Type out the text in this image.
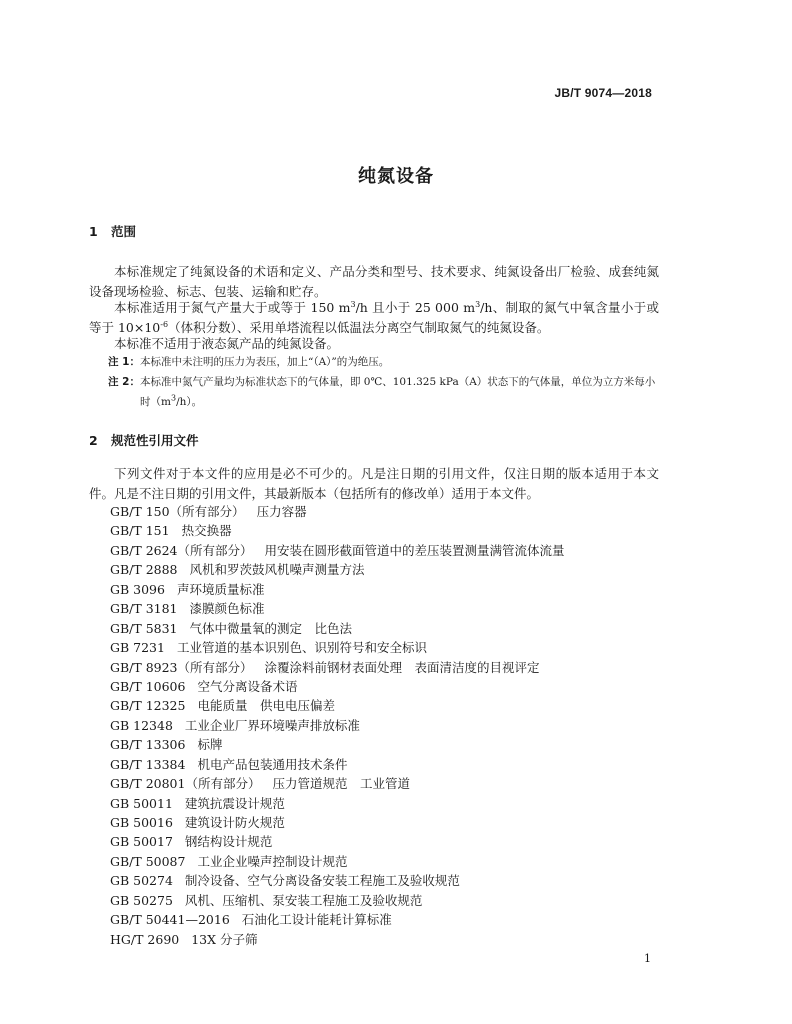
JB/T 9074—2018
纯氮设备
1 范围
本标准规定了纯氮设备的术语和定义、产品分类和型号、技术要求、纯氮设备出厂检验、成套纯氮设备现场检验、标志、包装、运输和贮存。
本标准适用于氮气产量大于或等于 150 $m^3/h$ 且小于 25 000 $m^3/h$、制取的氮气中氧含量小于或等于 $10\times 10^{-6}$（体积分数）、采用单塔流程以低温法分离空气制取氮气的纯氮设备。
本标准不适用于液态氮产品的纯氮设备。
注 1：本标准中未注明的压力为表压，加上“（A）”的为绝压。
注 2：本标准中氮气产量均为标准状态下的气体量，即 0℃、101.325 kPa（A）状态下的气体量，单位为立方米每小
时$(m^3/h)$。
2 规范性引用文件
下列文件对于本文件的应用是必不可少的。凡是注日期的引用文件，仅注日期的版本适用于本文件。凡是不注日期的引用文件，其最新版本（包括所有的修改单）适用于本文件。
GB/T 150（所有部分） 压力容器
GB/T 151 热交换器
GB/T 2624（所有部分） 用安装在圆形截面管道中的差压装置测量满管流体流量
GB/T 2888 风机和罗茨鼓风机噪声测量方法
GB 3096 声环境质量标准
GB/T 3181 漆膜颜色标准
GB/T 5831 气体中微量氧的测定　比色法
GB 7231 工业管道的基本识别色、识别符号和安全标识
GB/T 8923（所有部分） 涂覆涂料前钢材表面处理　表面清洁度的目视评定
GB/T 10606 空气分离设备术语
GB/T 12325 电能质量　供电电压偏差
GB 12348 工业企业厂界环境噪声排放标准
GB/T 13306 标牌
GB/T 13384 机电产品包装通用技术条件
GB/T 20801（所有部分） 压力管道规范　工业管道
GB 50011 建筑抗震设计规范
GB 50016 建筑设计防火规范
GB 50017 钢结构设计规范
GB/T 50087 工业企业噪声控制设计规范
GB 50274 制冷设备、空气分离设备安装工程施工及验收规范
GB 50275 风机、压缩机、泵安装工程施工及验收规范
GB/T 50441—2016 石油化工设计能耗计算标准
HG/T 2690 13X 分子筛
1
